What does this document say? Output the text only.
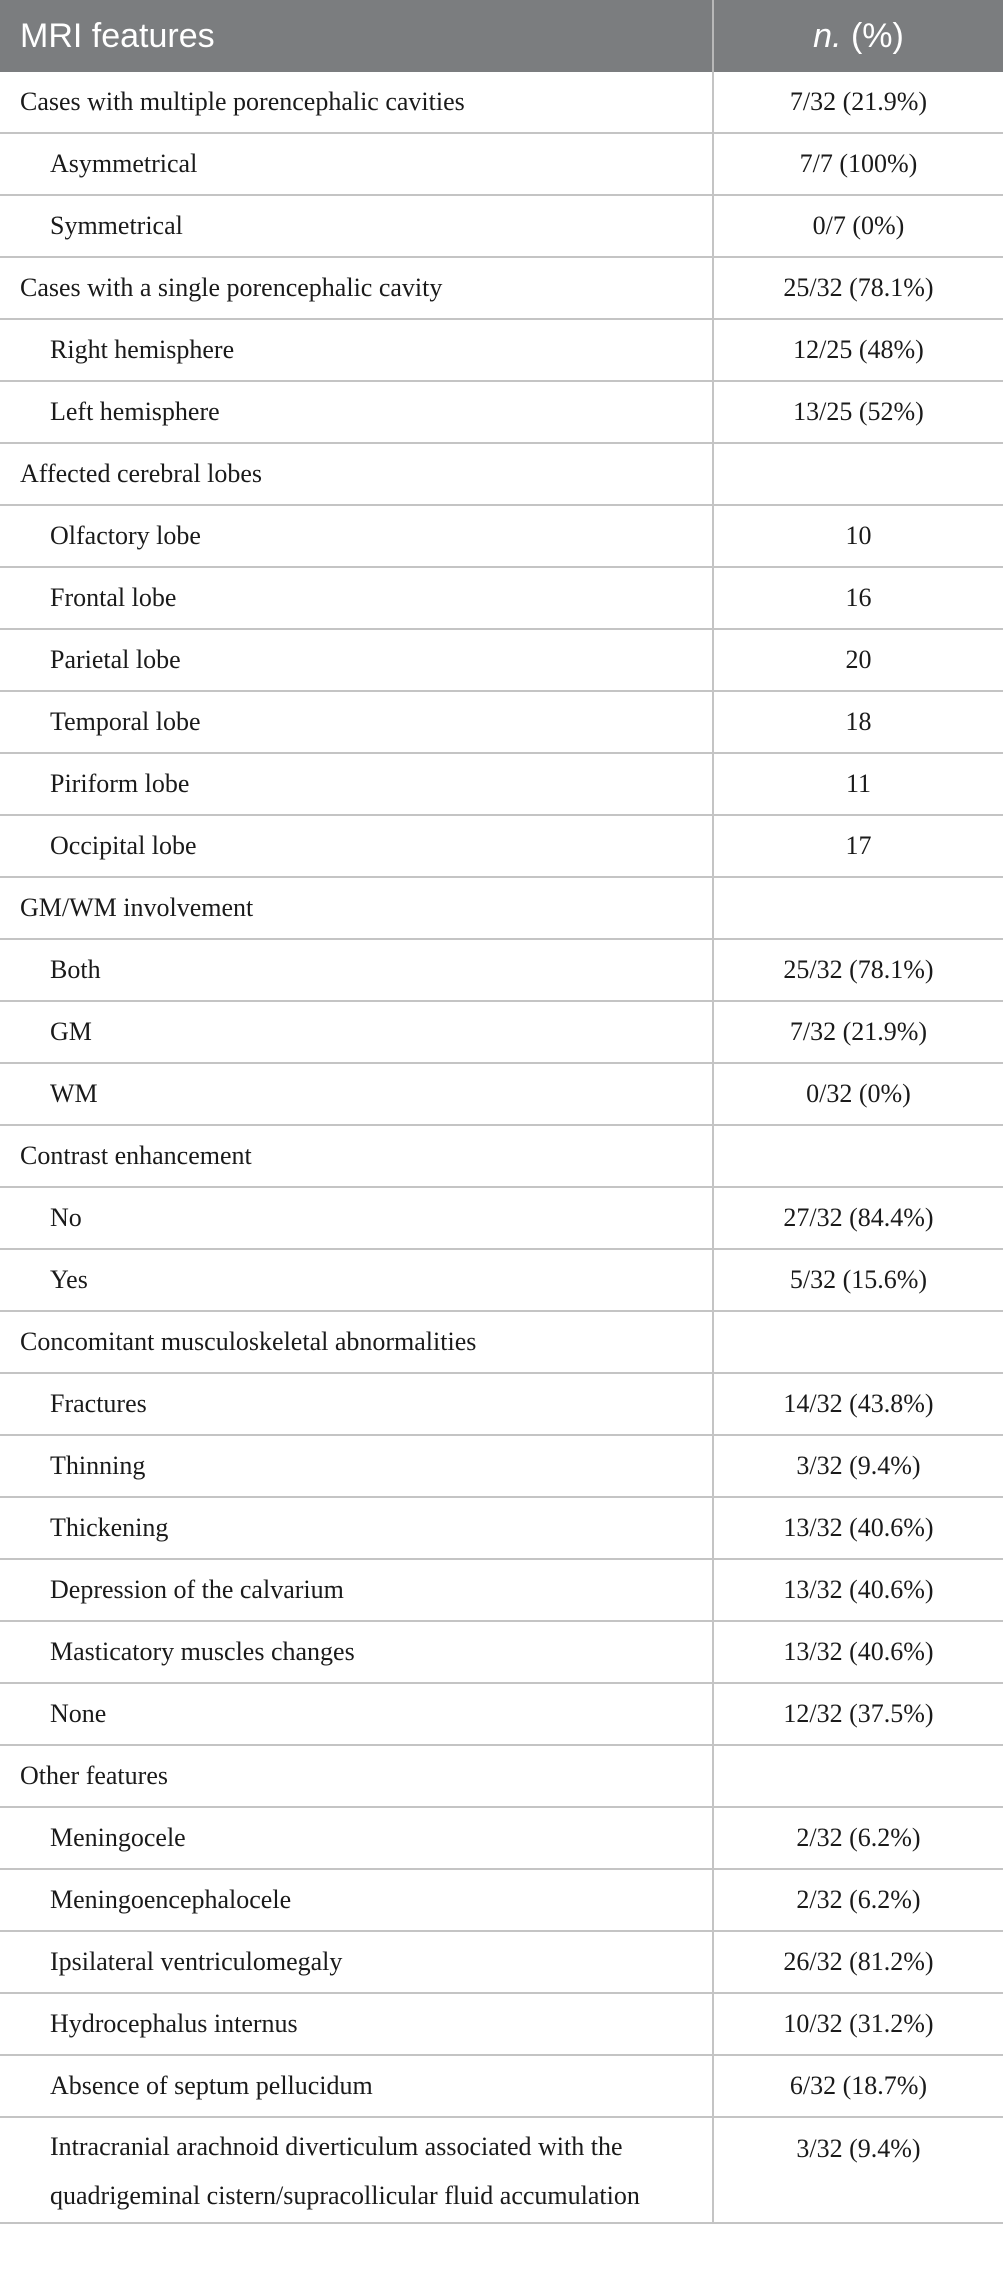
MRI features	n. (%)
Cases with multiple porencephalic cavities	7/32 (21.9%)
Asymmetrical	7/7 (100%)
Symmetrical	0/7 (0%)
Cases with a single porencephalic cavity	25/32 (78.1%)
Right hemisphere	12/25 (48%)
Left hemisphere	13/25 (52%)
Affected cerebral lobes	
Olfactory lobe	10
Frontal lobe	16
Parietal lobe	20
Temporal lobe	18
Piriform lobe	11
Occipital lobe	17
GM/WM involvement	
Both	25/32 (78.1%)
GM	7/32 (21.9%)
WM	0/32 (0%)
Contrast enhancement	
No	27/32 (84.4%)
Yes	5/32 (15.6%)
Concomitant musculoskeletal abnormalities	
Fractures	14/32 (43.8%)
Thinning	3/32 (9.4%)
Thickening	13/32 (40.6%)
Depression of the calvarium	13/32 (40.6%)
Masticatory muscles changes	13/32 (40.6%)
None	12/32 (37.5%)
Other features	
Meningocele	2/32 (6.2%)
Meningoencephalocele	2/32 (6.2%)
Ipsilateral ventriculomegaly	26/32 (81.2%)
Hydrocephalus internus	10/32 (31.2%)
Absence of septum pellucidum	6/32 (18.7%)
Intracranial arachnoid diverticulum associated with the quadrigeminal cistern/supracollicular fluid accumulation	3/32 (9.4%)
